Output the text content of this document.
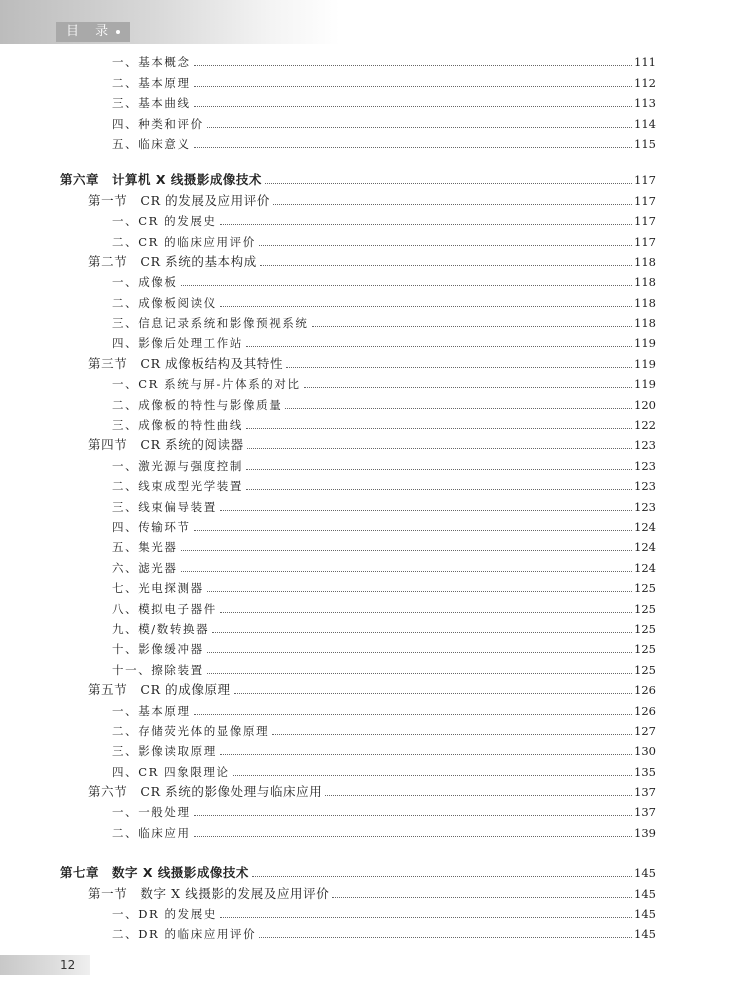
目 录
一、基本概念	111
二、基本原理	112
三、基本曲线	113
四、种类和评价	114
五、临床意义	115
第六章　计算机 X 线摄影成像技术	117
第一节　CR 的发展及应用评价	117
一、CR 的发展史	117
二、CR 的临床应用评价	117
第二节　CR 系统的基本构成	118
一、成像板	118
二、成像板阅读仪	118
三、信息记录系统和影像预视系统	118
四、影像后处理工作站	119
第三节　CR 成像板结构及其特性	119
一、CR 系统与屏-片体系的对比	119
二、成像板的特性与影像质量	120
三、成像板的特性曲线	122
第四节　CR 系统的阅读器	123
一、激光源与强度控制	123
二、线束成型光学装置	123
三、线束偏导装置	123
四、传输环节	124
五、集光器	124
六、滤光器	124
七、光电探测器	125
八、模拟电子器件	125
九、模/数转换器	125
十、影像缓冲器	125
十一、擦除装置	125
第五节　CR 的成像原理	126
一、基本原理	126
二、存储荧光体的显像原理	127
三、影像读取原理	130
四、CR 四象限理论	135
第六节　CR 系统的影像处理与临床应用	137
一、一般处理	137
二、临床应用	139
第七章　数字 X 线摄影成像技术	145
第一节　数字 X 线摄影的发展及应用评价	145
一、DR 的发展史	145
二、DR 的临床应用评价	145
12
